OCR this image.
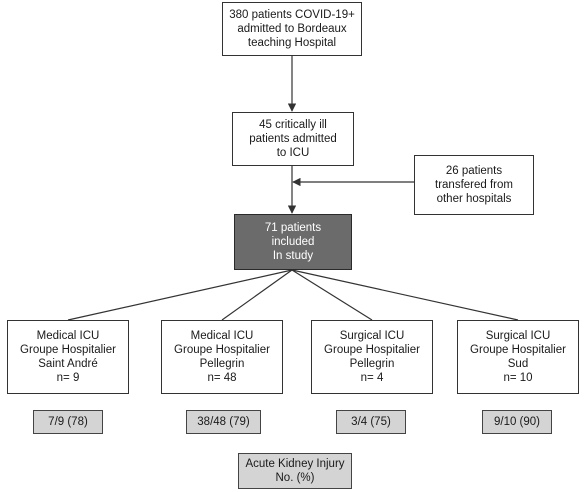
380 patients COVID-19+
admitted to Bordeaux
teaching Hospital
45 critically ill
patients admitted
to ICU
26 patients
transfered from
other hospitals
71 patients
included
In study
Medical ICU
Groupe Hospitalier
Saint André
n= 9
Medical ICU
Groupe Hospitalier
Pellegrin
n= 48
Surgical ICU
Groupe Hospitalier
Pellegrin
n= 4
Surgical ICU
Groupe Hospitalier
Sud
n= 10
7/9 (78)	38/48 (79)	3/4 (75)	9/10 (90)
Acute Kidney Injury
No. (%)
